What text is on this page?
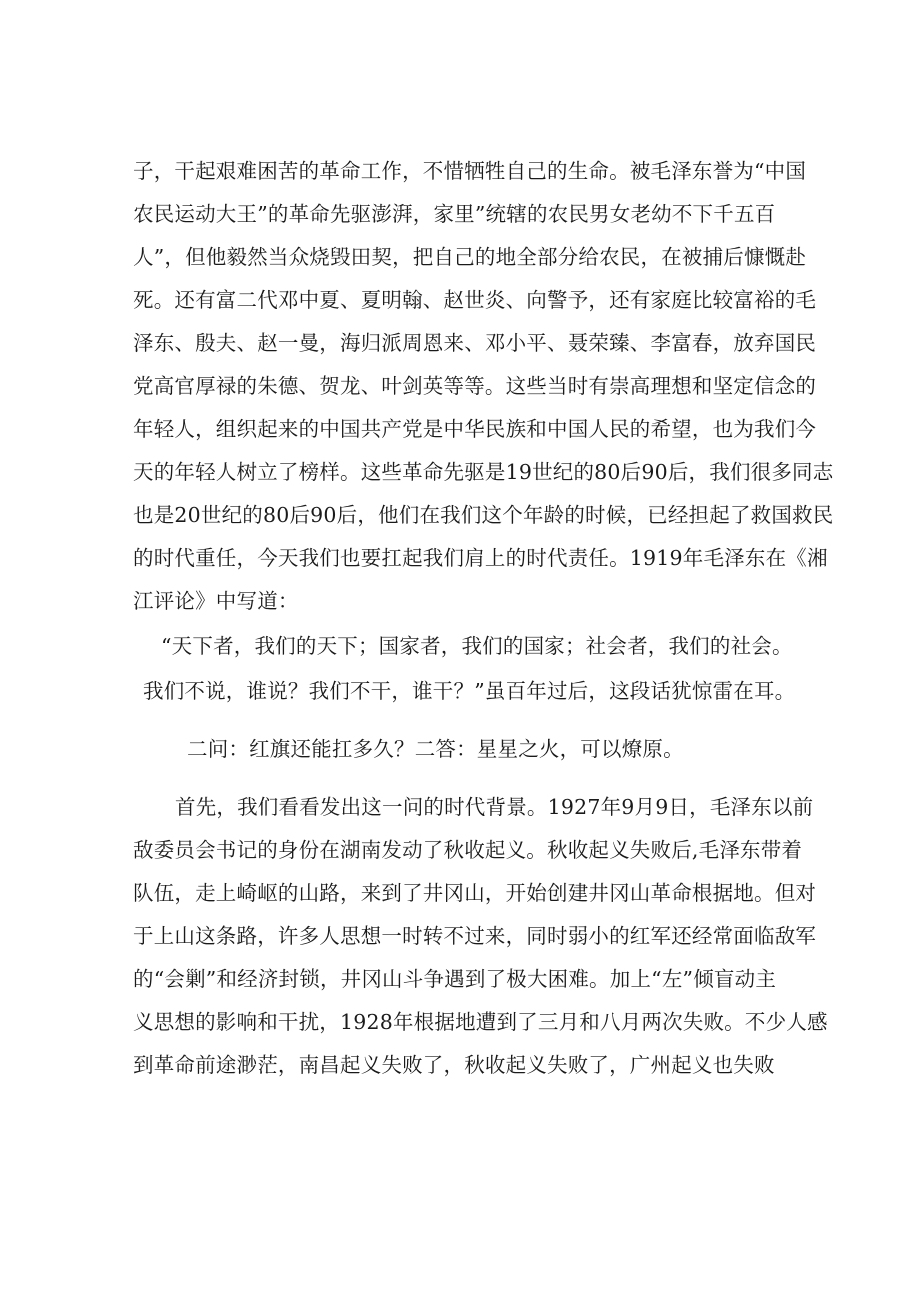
子，干起艰难困苦的革命工作，不惜牺牲自己的生命。被毛泽东誉为“中国
农民运动大王”的革命先驱澎湃，家里”统辖的农民男女老幼不下千五百
人”，但他毅然当众烧毁田契，把自己的地全部分给农民，在被捕后慷慨赴
死。还有富二代邓中夏、夏明翰、赵世炎、向警予，还有家庭比较富裕的毛
泽东、殷夫、赵一曼，海归派周恩来、邓小平、聂荣臻、李富春，放弃国民
党高官厚禄的朱德、贺龙、叶剑英等等。这些当时有崇高理想和坚定信念的
年轻人，组织起来的中国共产党是中华民族和中国人民的希望，也为我们今
天的年轻人树立了榜样。这些革命先驱是19世纪的80后90后，我们很多同志
也是20世纪的80后90后，他们在我们这个年龄的时候，已经担起了救国救民
的时代重任，今天我们也要扛起我们肩上的时代责任。1919年毛泽东在《湘
江评论》中写道：
“天下者，我们的天下；国家者，我们的国家；社会者，我们的社会。
我们不说，谁说？我们不干，谁干？”虽百年过后，这段话犹惊雷在耳。
二问：红旗还能扛多久？二答：星星之火，可以燎原。
首先，我们看看发出这一问的时代背景。1927年9月9日，毛泽东以前
敌委员会书记的身份在湖南发动了秋收起义。秋收起义失败后,毛泽东带着
队伍，走上崎岖的山路，来到了井冈山，开始创建井冈山革命根据地。但对
于上山这条路，许多人思想一时转不过来，同时弱小的红军还经常面临敌军
的“会剿”和经济封锁，井冈山斗争遇到了极大困难。加上“左”倾盲动主
义思想的影响和干扰，1928年根据地遭到了三月和八月两次失败。不少人感
到革命前途渺茫，南昌起义失败了，秋收起义失败了，广州起义也失败
